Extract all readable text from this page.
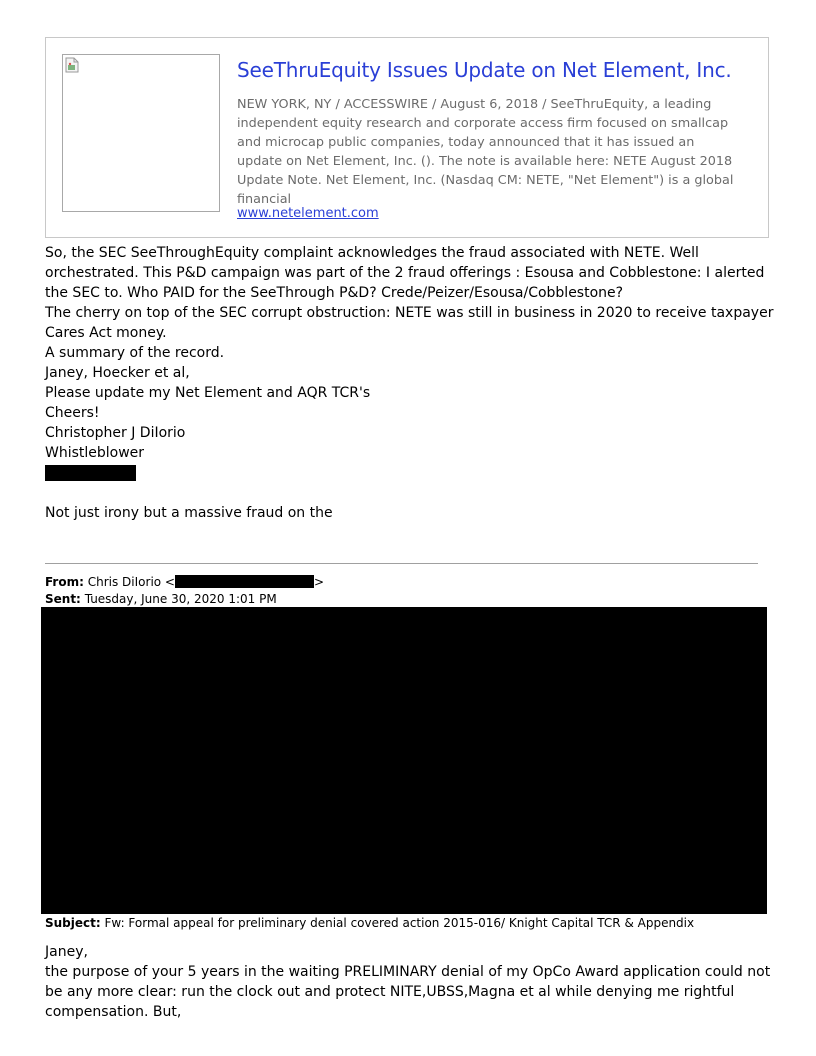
SeeThruEquity Issues Update on Net Element, Inc.
NEW YORK, NY / ACCESSWIRE / August 6, 2018 / SeeThruEquity, a leading independent equity research and corporate access firm focused on smallcap and microcap public companies, today announced that it has issued an update on Net Element, Inc. (). The note is available here: NETE August 2018 Update Note. Net Element, Inc. (Nasdaq CM: NETE, "Net Element") is a global financial
www.netelement.com
So, the SEC SeeThroughEquity complaint acknowledges the fraud associated with NETE. Well orchestrated. This P&D campaign was part of the 2 fraud offerings : Esousa and Cobblestone: I alerted the SEC to. Who PAID for the SeeThrough P&D? Crede/Peizer/Esousa/Cobblestone?
The cherry on top of the SEC corrupt obstruction: NETE was still in business in 2020 to receive taxpayer Cares Act money.
A summary of the record.
Janey, Hoecker et al,
Please update my Net Element and AQR TCR's
Cheers!
Christopher J DiIorio
Whistleblower
Not just irony but a massive fraud on the
From: Chris DiIorio <	>
Sent: Tuesday, June 30, 2020 1:01 PM
Subject: Fw: Formal appeal for preliminary denial covered action 2015-016/ Knight Capital TCR & Appendix
Janey,
the purpose of your 5 years in the waiting PRELIMINARY denial of my OpCo Award application could not be any more clear: run the clock out and protect NITE,UBSS,Magna et al while denying me rightful compensation. But,
